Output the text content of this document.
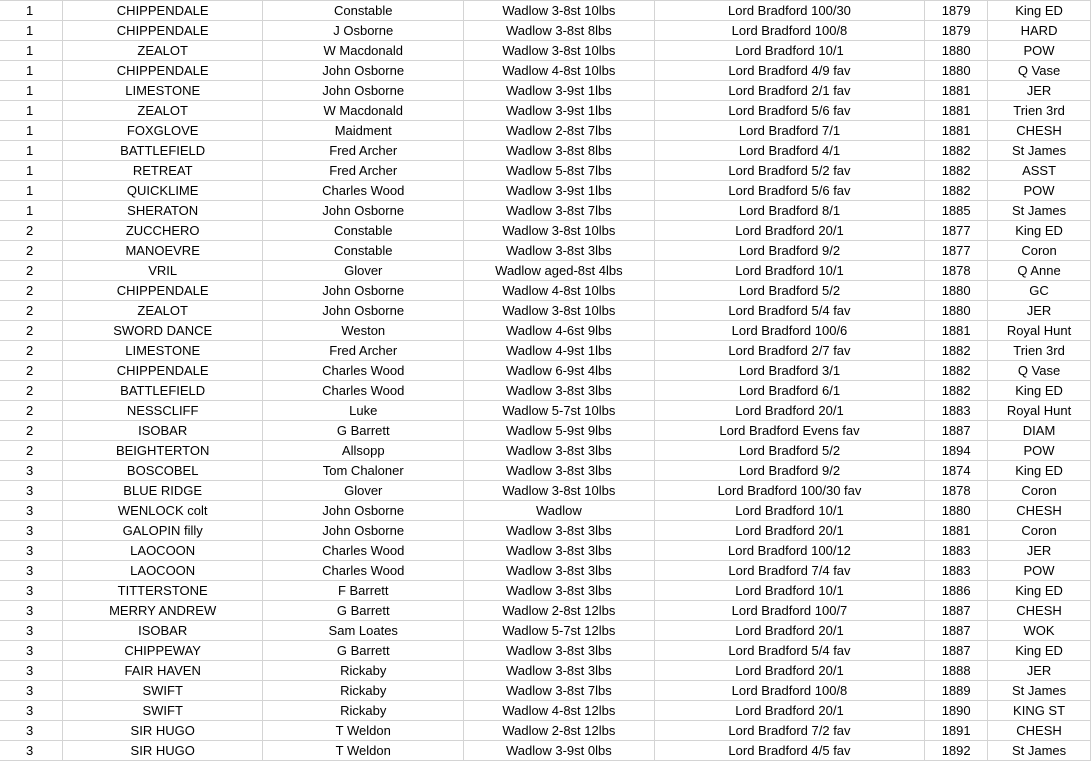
1	CHIPPENDALE	Constable	Wadlow 3-8st 10lbs	Lord Bradford 100/30	1879	King ED
1	CHIPPENDALE	J Osborne	Wadlow 3-8st 8lbs	Lord Bradford 100/8	1879	HARD
1	ZEALOT	W Macdonald	Wadlow 3-8st 10lbs	Lord Bradford 10/1	1880	POW
1	CHIPPENDALE	John Osborne	Wadlow 4-8st 10lbs	Lord Bradford 4/9 fav	1880	Q Vase
1	LIMESTONE	John Osborne	Wadlow 3-9st 1lbs	Lord Bradford 2/1 fav	1881	JER
1	ZEALOT	W Macdonald	Wadlow 3-9st 1lbs	Lord Bradford 5/6 fav	1881	Trien 3rd
1	FOXGLOVE	Maidment	Wadlow 2-8st 7lbs	Lord Bradford 7/1	1881	CHESH
1	BATTLEFIELD	Fred Archer	Wadlow 3-8st 8lbs	Lord Bradford 4/1	1882	St James
1	RETREAT	Fred Archer	Wadlow 5-8st 7lbs	Lord Bradford 5/2 fav	1882	ASST
1	QUICKLIME	Charles Wood	Wadlow 3-9st 1lbs	Lord Bradford 5/6 fav	1882	POW
1	SHERATON	John Osborne	Wadlow 3-8st 7lbs	Lord Bradford 8/1	1885	St James
2	ZUCCHERO	Constable	Wadlow 3-8st 10lbs	Lord Bradford 20/1	1877	King ED
2	MANOEVRE	Constable	Wadlow 3-8st 3lbs	Lord Bradford 9/2	1877	Coron
2	VRIL	Glover	Wadlow aged-8st 4lbs	Lord Bradford 10/1	1878	Q Anne
2	CHIPPENDALE	John Osborne	Wadlow 4-8st 10lbs	Lord Bradford 5/2	1880	GC
2	ZEALOT	John Osborne	Wadlow 3-8st 10lbs	Lord Bradford 5/4 fav	1880	JER
2	SWORD DANCE	Weston	Wadlow 4-6st 9lbs	Lord Bradford 100/6	1881	Royal Hunt
2	LIMESTONE	Fred Archer	Wadlow 4-9st 1lbs	Lord Bradford 2/7 fav	1882	Trien 3rd
2	CHIPPENDALE	Charles Wood	Wadlow 6-9st 4lbs	Lord Bradford 3/1	1882	Q Vase
2	BATTLEFIELD	Charles Wood	Wadlow 3-8st 3lbs	Lord Bradford 6/1	1882	King ED
2	NESSCLIFF	Luke	Wadlow 5-7st 10lbs	Lord Bradford 20/1	1883	Royal Hunt
2	ISOBAR	G Barrett	Wadlow 5-9st 9lbs	Lord Bradford Evens fav	1887	DIAM
2	BEIGHTERTON	Allsopp	Wadlow 3-8st 3lbs	Lord Bradford 5/2	1894	POW
3	BOSCOBEL	Tom Chaloner	Wadlow 3-8st 3lbs	Lord Bradford 9/2	1874	King ED
3	BLUE RIDGE	Glover	Wadlow 3-8st 10lbs	Lord Bradford 100/30 fav	1878	Coron
3	WENLOCK colt	John Osborne	Wadlow	Lord Bradford 10/1	1880	CHESH
3	GALOPIN filly	John Osborne	Wadlow 3-8st 3lbs	Lord Bradford 20/1	1881	Coron
3	LAOCOON	Charles Wood	Wadlow 3-8st 3lbs	Lord Bradford 100/12	1883	JER
3	LAOCOON	Charles Wood	Wadlow 3-8st 3lbs	Lord Bradford 7/4 fav	1883	POW
3	TITTERSTONE	F Barrett	Wadlow 3-8st 3lbs	Lord Bradford 10/1	1886	King ED
3	MERRY ANDREW	G Barrett	Wadlow 2-8st 12lbs	Lord Bradford 100/7	1887	CHESH
3	ISOBAR	Sam Loates	Wadlow 5-7st 12lbs	Lord Bradford 20/1	1887	WOK
3	CHIPPEWAY	G Barrett	Wadlow 3-8st 3lbs	Lord Bradford 5/4 fav	1887	King ED
3	FAIR HAVEN	Rickaby	Wadlow 3-8st 3lbs	Lord Bradford 20/1	1888	JER
3	SWIFT	Rickaby	Wadlow 3-8st 7lbs	Lord Bradford 100/8	1889	St James
3	SWIFT	Rickaby	Wadlow 4-8st 12lbs	Lord Bradford 20/1	1890	KING ST
3	SIR HUGO	T Weldon	Wadlow 2-8st 12lbs	Lord Bradford 7/2 fav	1891	CHESH
3	SIR HUGO	T Weldon	Wadlow 3-9st 0lbs	Lord Bradford 4/5 fav	1892	St James
